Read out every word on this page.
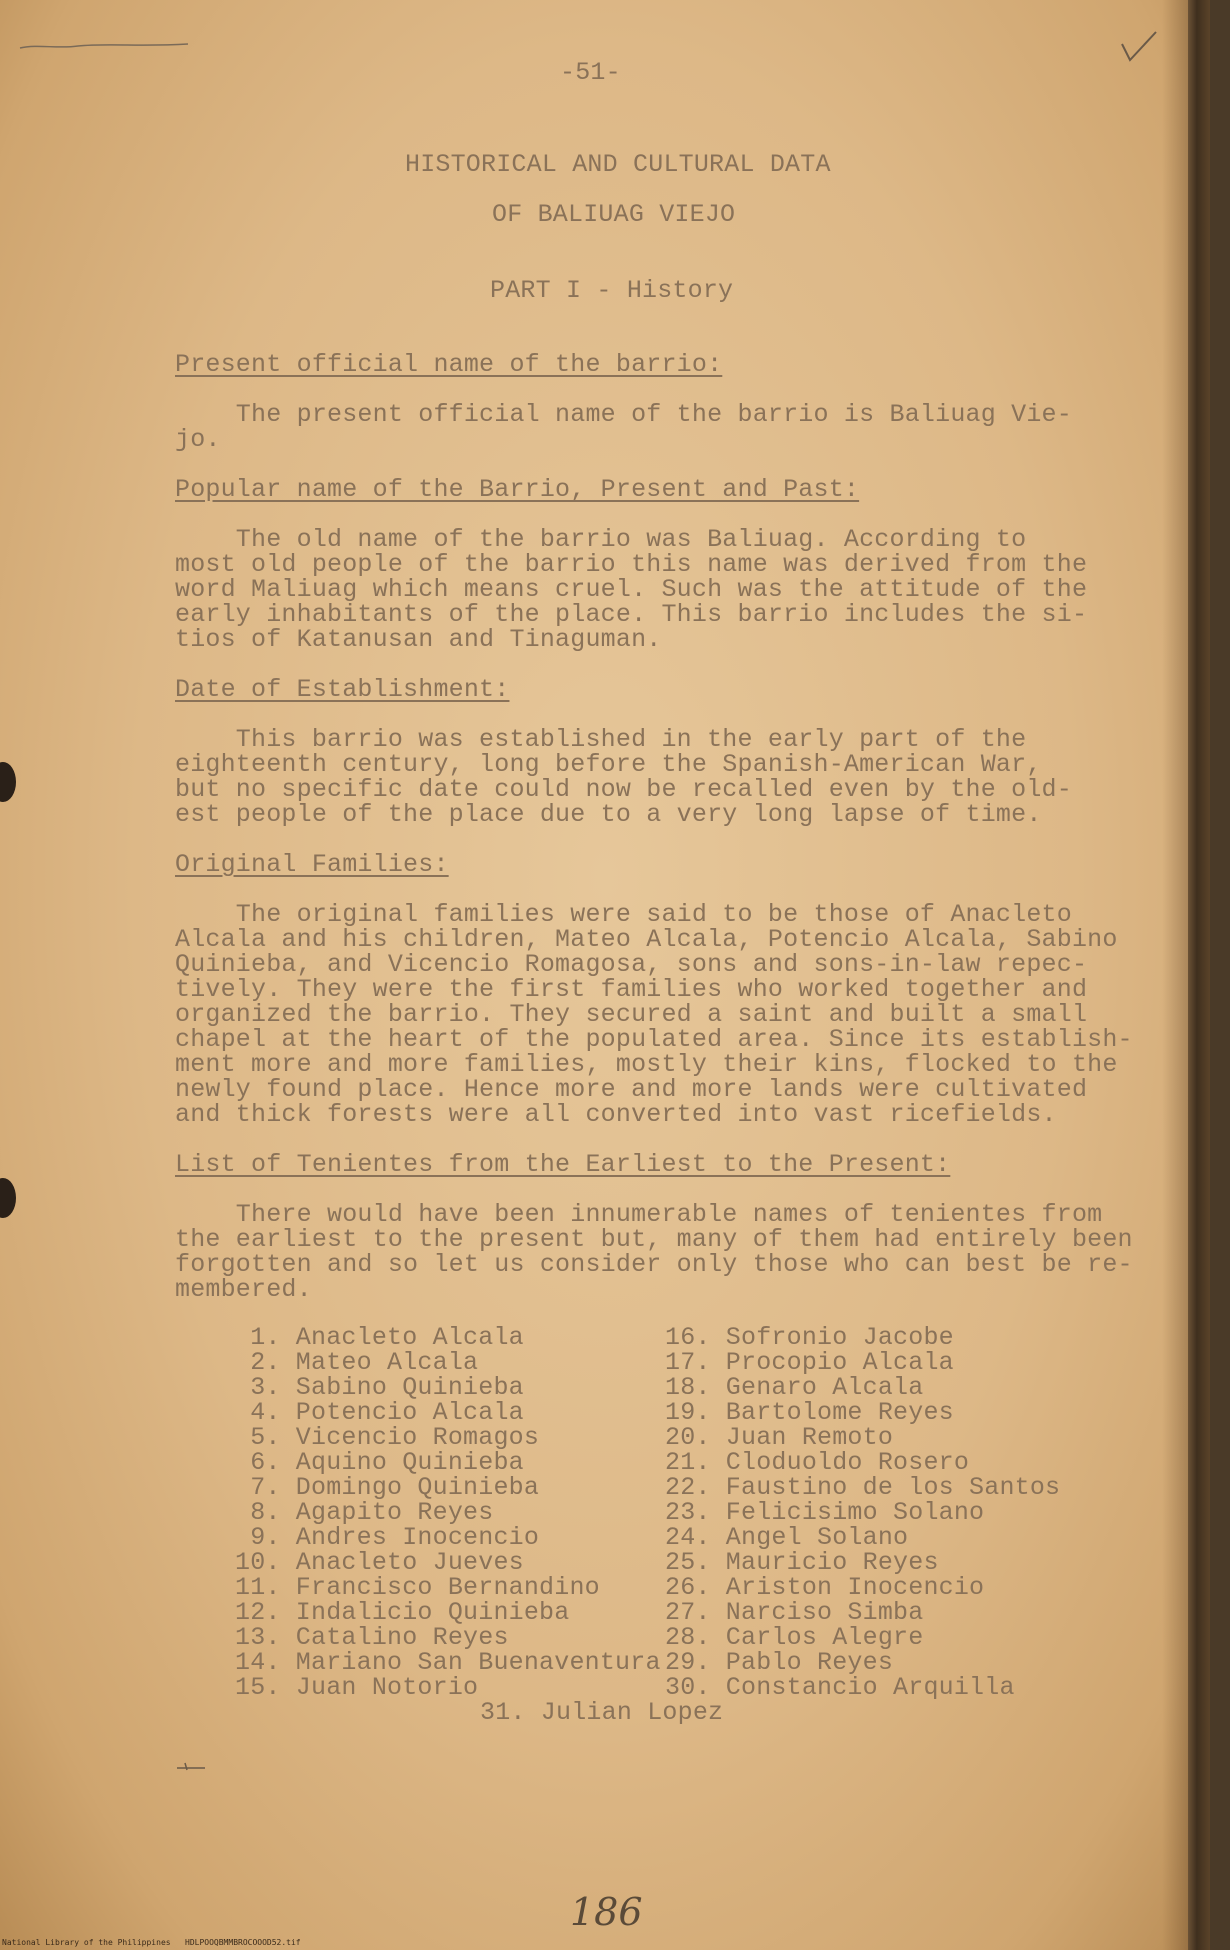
-51-
HISTORICAL AND CULTURAL DATA
OF BALIUAG VIEJO
PART I - History
Present official name of the barrio:
The present official name of the barrio is Baliuag Vie-
jo.
Popular name of the Barrio, Present and Past:
The old name of the barrio was Baliuag. According to
most old people of the barrio this name was derived from the
word Maliuag which means cruel. Such was the attitude of the
early inhabitants of the place. This barrio includes the si-
tios of Katanusan and Tinaguman.
Date of Establishment:
This barrio was established in the early part of the
eighteenth century, long before the Spanish-American War,
but no specific date could now be recalled even by the old-
est people of the place due to a very long lapse of time.
Original Families:
The original families were said to be those of Anacleto
Alcala and his children, Mateo Alcala, Potencio Alcala, Sabino
Quinieba, and Vicencio Romagosa, sons and sons-in-law repec-
tively. They were the first families who worked together and
organized the barrio. They secured a saint and built a small
chapel at the heart of the populated area. Since its establish-
ment more and more families, mostly their kins, flocked to the
newly found place. Hence more and more lands were cultivated
and thick forests were all converted into vast ricefields.
List of Tenientes from the Earliest to the Present:
There would have been innumerable names of tenientes from
the earliest to the present but, many of them had entirely been
forgotten and so let us consider only those who can best be re-
membered.
1. Anacleto Alcala
2. Mateo Alcala
3. Sabino Quinieba
4. Potencio Alcala
5. Vicencio Romagos
6. Aquino Quinieba
7. Domingo Quinieba
8. Agapito Reyes
9. Andres Inocencio
10. Anacleto Jueves
11. Francisco Bernandino
12. Indalicio Quinieba
13. Catalino Reyes
14. Mariano San Buenaventura
15. Juan Notorio
16. Sofronio Jacobe
17. Procopio Alcala
18. Genaro Alcala
19. Bartolome Reyes
20. Juan Remoto
21. Cloduoldo Rosero
22. Faustino de los Santos
23. Felicisimo Solano
24. Angel Solano
25. Mauricio Reyes
26. Ariston Inocencio
27. Narciso Simba
28. Carlos Alegre
29. Pablo Reyes
30. Constancio Arquilla
31. Julian Lopez
186
National Library of the Philippines   HDLPOOQBMMBROCOOOD52.tif
